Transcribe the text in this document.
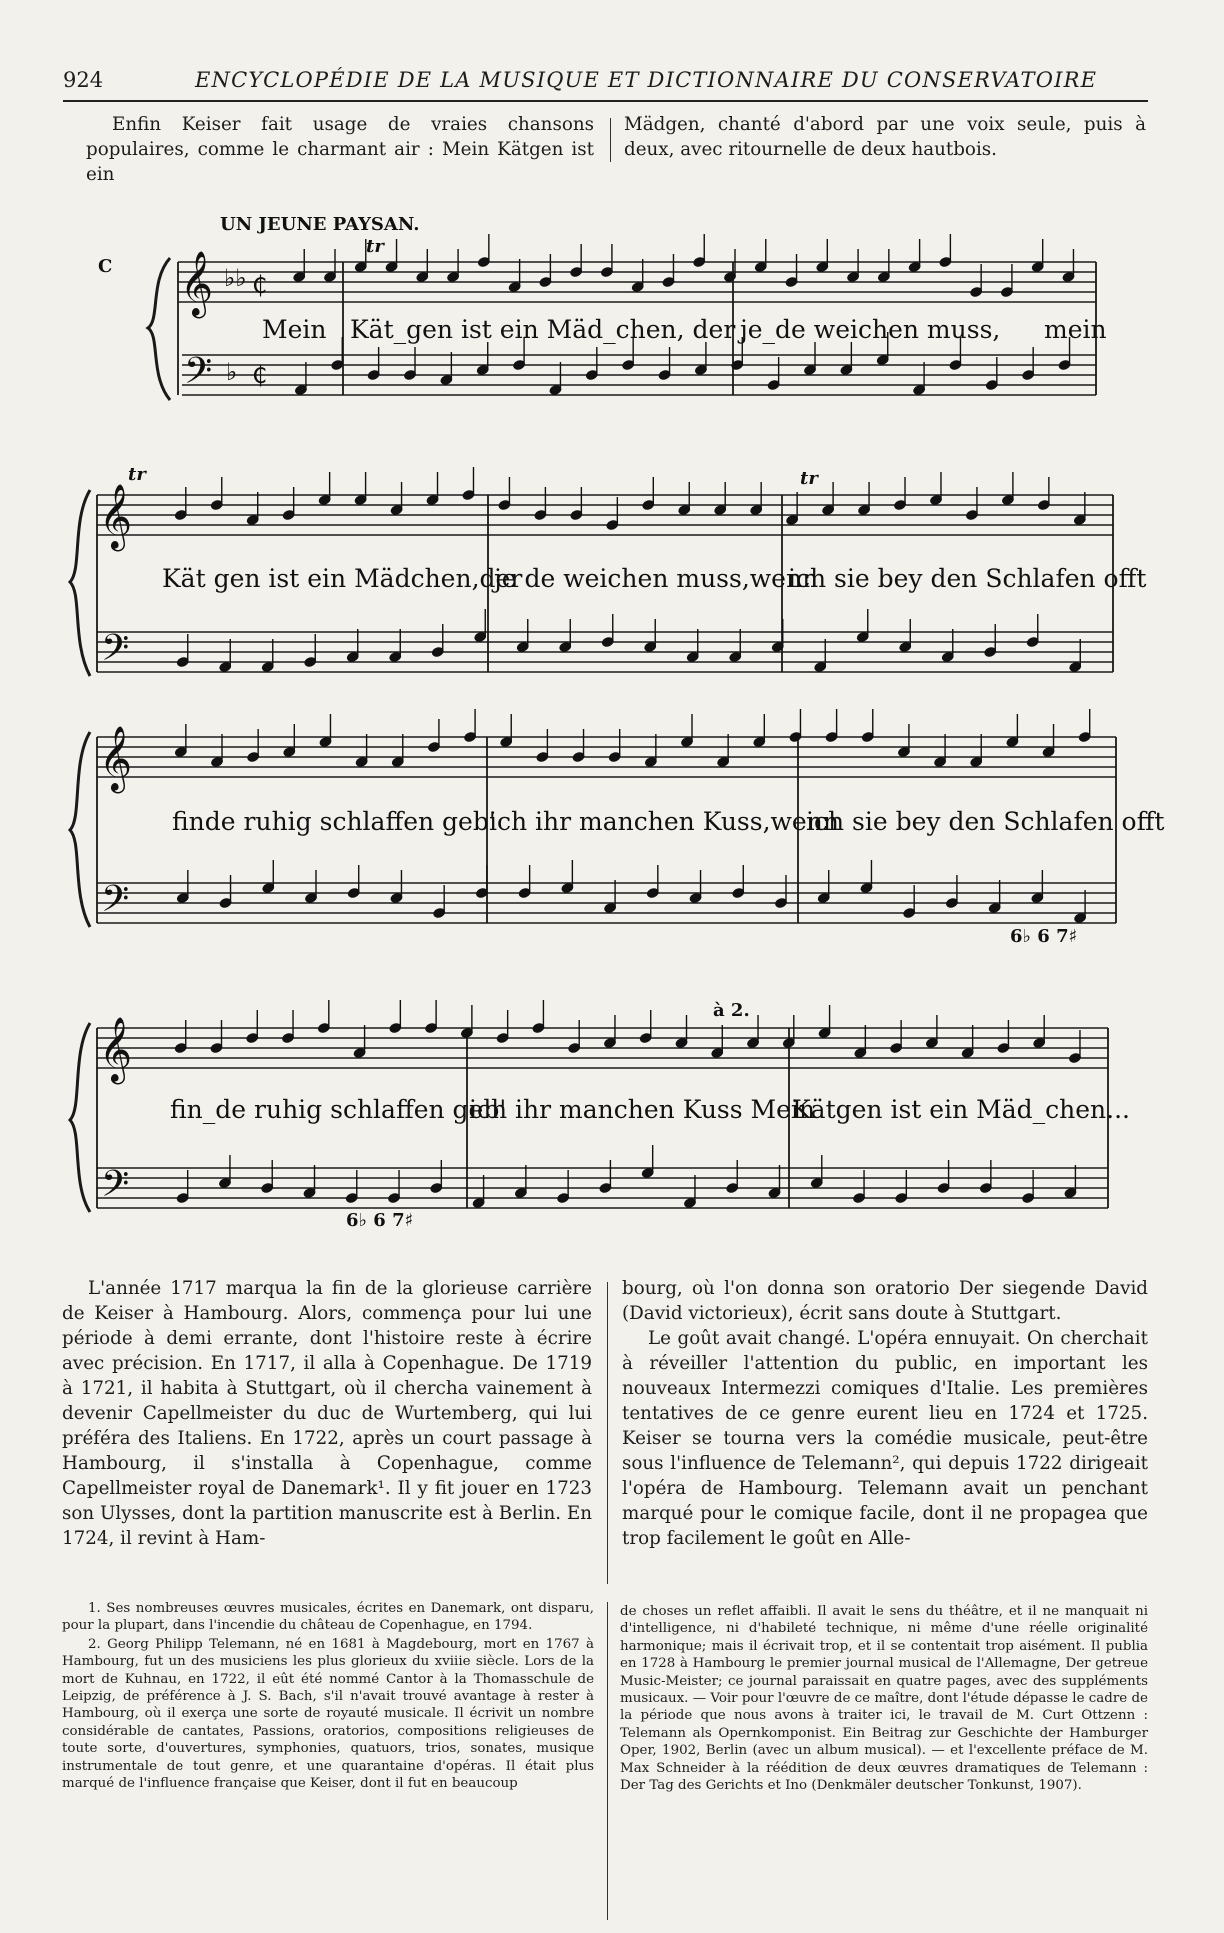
924	ENCYCLOPÉDIE DE LA MUSIQUE ET DICTIONNAIRE DU CONSERVATOIRE

Enfin Keiser fait usage de vraies chansons populaires, comme le charmant air : Mein Kätgen ist ein

Mädgen, chanté d'abord par une voix seule, puis à deux, avec ritournelle de deux hautbois.

𝄞
𝄢
♭♭ ₵
♭ ₵
𝄞
𝄢
𝄞
𝄢
𝄞
𝄢
UN JEUNE PAYSAN.
C
tr
tr	tr
à 2.
6♭ 6 7♯
6♭ 6 7♯
Mein Kät_gen ist ein Mäd_chen, der je_de weichen muss, mein
Kät gen ist ein Mädchen,der
je de weichen muss,wenn
ich sie bey den Schlafen offt
finde ruhig schlaffen geb'
ich ihr manchen Kuss,wenn
ich sie bey den Schlafen offt
fin_de ruhig schlaffen geb'
ich ihr manchen Kuss Mein
Kätgen ist ein Mäd_chen...

L'année 1717 marqua la fin de la glorieuse carrière de Keiser à Hambourg. Alors, commença pour lui une période à demi errante, dont l'histoire reste à écrire avec précision. En 1717, il alla à Copenhague. De 1719 à 1721, il habita à Stuttgart, où il chercha vainement à devenir Capellmeister du duc de Wurtemberg, qui lui préféra des Italiens. En 1722, après un court passage à Hambourg, il s'installa à Copenhague, comme Capellmeister royal de Danemark¹. Il y fit jouer en 1723 son Ulysses, dont la partition manuscrite est à Berlin. En 1724, il revint à Ham-

bourg, où l'on donna son oratorio Der siegende David (David victorieux), écrit sans doute à Stuttgart.

Le goût avait changé. L'opéra ennuyait. On cherchait à réveiller l'attention du public, en important les nouveaux Intermezzi comiques d'Italie. Les premières tentatives de ce genre eurent lieu en 1724 et 1725. Keiser se tourna vers la comédie musicale, peut-être sous l'influence de Telemann², qui depuis 1722 dirigeait l'opéra de Hambourg. Telemann avait un penchant marqué pour le comique facile, dont il ne propagea que trop facilement le goût en Alle-

1. Ses nombreuses œuvres musicales, écrites en Danemark, ont disparu, pour la plupart, dans l'incendie du château de Copenhague, en 1794.

2. Georg Philipp Telemann, né en 1681 à Magdebourg, mort en 1767 à Hambourg, fut un des musiciens les plus glorieux du xviiie siècle. Lors de la mort de Kuhnau, en 1722, il eût été nommé Cantor à la Thomasschule de Leipzig, de préférence à J. S. Bach, s'il n'avait trouvé avantage à rester à Hambourg, où il exerça une sorte de royauté musicale. Il écrivit un nombre considérable de cantates, Passions, oratorios, compositions religieuses de toute sorte, d'ouvertures, symphonies, quatuors, trios, sonates, musique instrumentale de tout genre, et une quarantaine d'opéras. Il était plus marqué de l'influence française que Keiser, dont il fut en beaucoup

de choses un reflet affaibli. Il avait le sens du théâtre, et il ne manquait ni d'intelligence, ni d'habileté technique, ni même d'une réelle originalité harmonique; mais il écrivait trop, et il se contentait trop aisément. Il publia en 1728 à Hambourg le premier journal musical de l'Allemagne, Der getreue Music-Meister; ce journal paraissait en quatre pages, avec des suppléments musicaux. — Voir pour l'œuvre de ce maître, dont l'étude dépasse le cadre de la période que nous avons à traiter ici, le travail de M. Curt Ottzenn : Telemann als Opernkomponist. Ein Beitrag zur Geschichte der Hamburger Oper, 1902, Berlin (avec un album musical). — et l'excellente préface de M. Max Schneider à la réédition de deux œuvres dramatiques de Telemann : Der Tag des Gerichts et Ino (Denkmäler deutscher Tonkunst, 1907).
